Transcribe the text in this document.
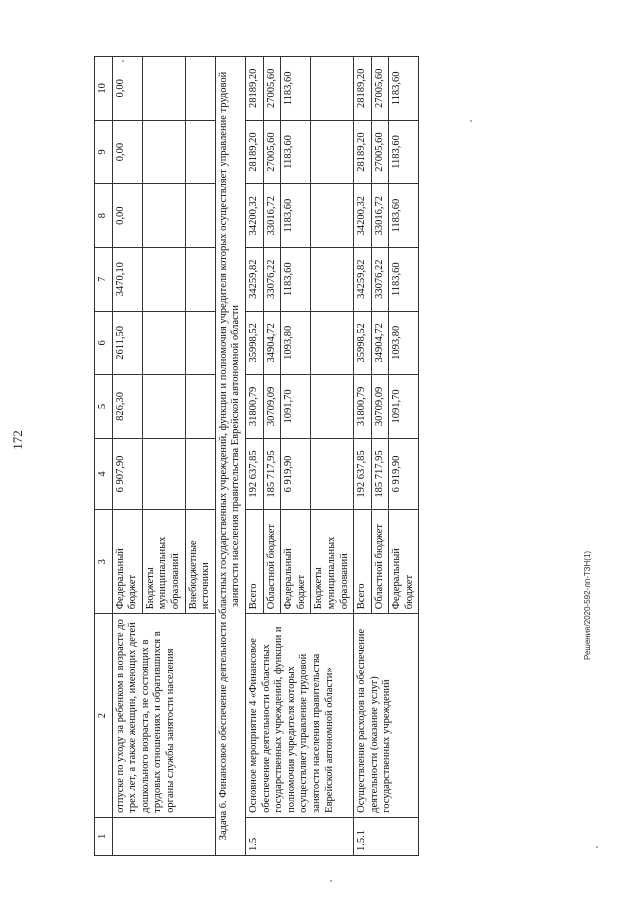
172
Решения/2020-592-лп-ТЗН(1)
1	2	3	4	5	6	7	8	9	10
	отпуске по уходу за ребенком в возрасте до трех лет, а также женщин, имеющих детей дошкольного возраста, не состоящих в трудовых отношениях и обратившихся в органы службы занятости населения	Федеральный бюджет	6 907,90	826,30	2611,50	3470,10	0,00	0,00	0,00
		Бюджеты муниципальных образований							
		Внебюджетные источники							
Задача 6. Финансовое обеспечение деятельности областных государственных учреждений, функции и полномочия учредителя которых осуществляет управление трудовой занятости населения правительства Еврейской автономной области									
1.5	Основное мероприятие 4 «Финансовое обеспечение деятельности областных государственных учреждений, функции и полномочия учредителя которых осуществляет управление трудовой занятости населения правительства Еврейской автономной области»	Всего	192 637,85	31800,79	35998,52	34259,82	34200,32	28189,20	28189,20
		Областной бюджет	185 717,95	30709,09	34904,72	33076,22	33016,72	27005,60	27005,60
		Федеральный бюджет	6 919,90	1091,70	1093,80	1183,60	1183,60	1183,60	1183,60
		Бюджеты муниципальных образований							
1.5.1	Осуществление расходов на обеспечение деятельности (оказание услуг) государственных учреждений	Всего	192 637,85	31800,79	35998,52	34259,82	34200,32	28189,20	28189,20
		Областной бюджет	185 717,95	30709,09	34904,72	33076,22	33016,72	27005,60	27005,60
		Федеральный бюджет	6 919,90	1091,70	1093,80	1183,60	1183,60	1183,60	1183,60
